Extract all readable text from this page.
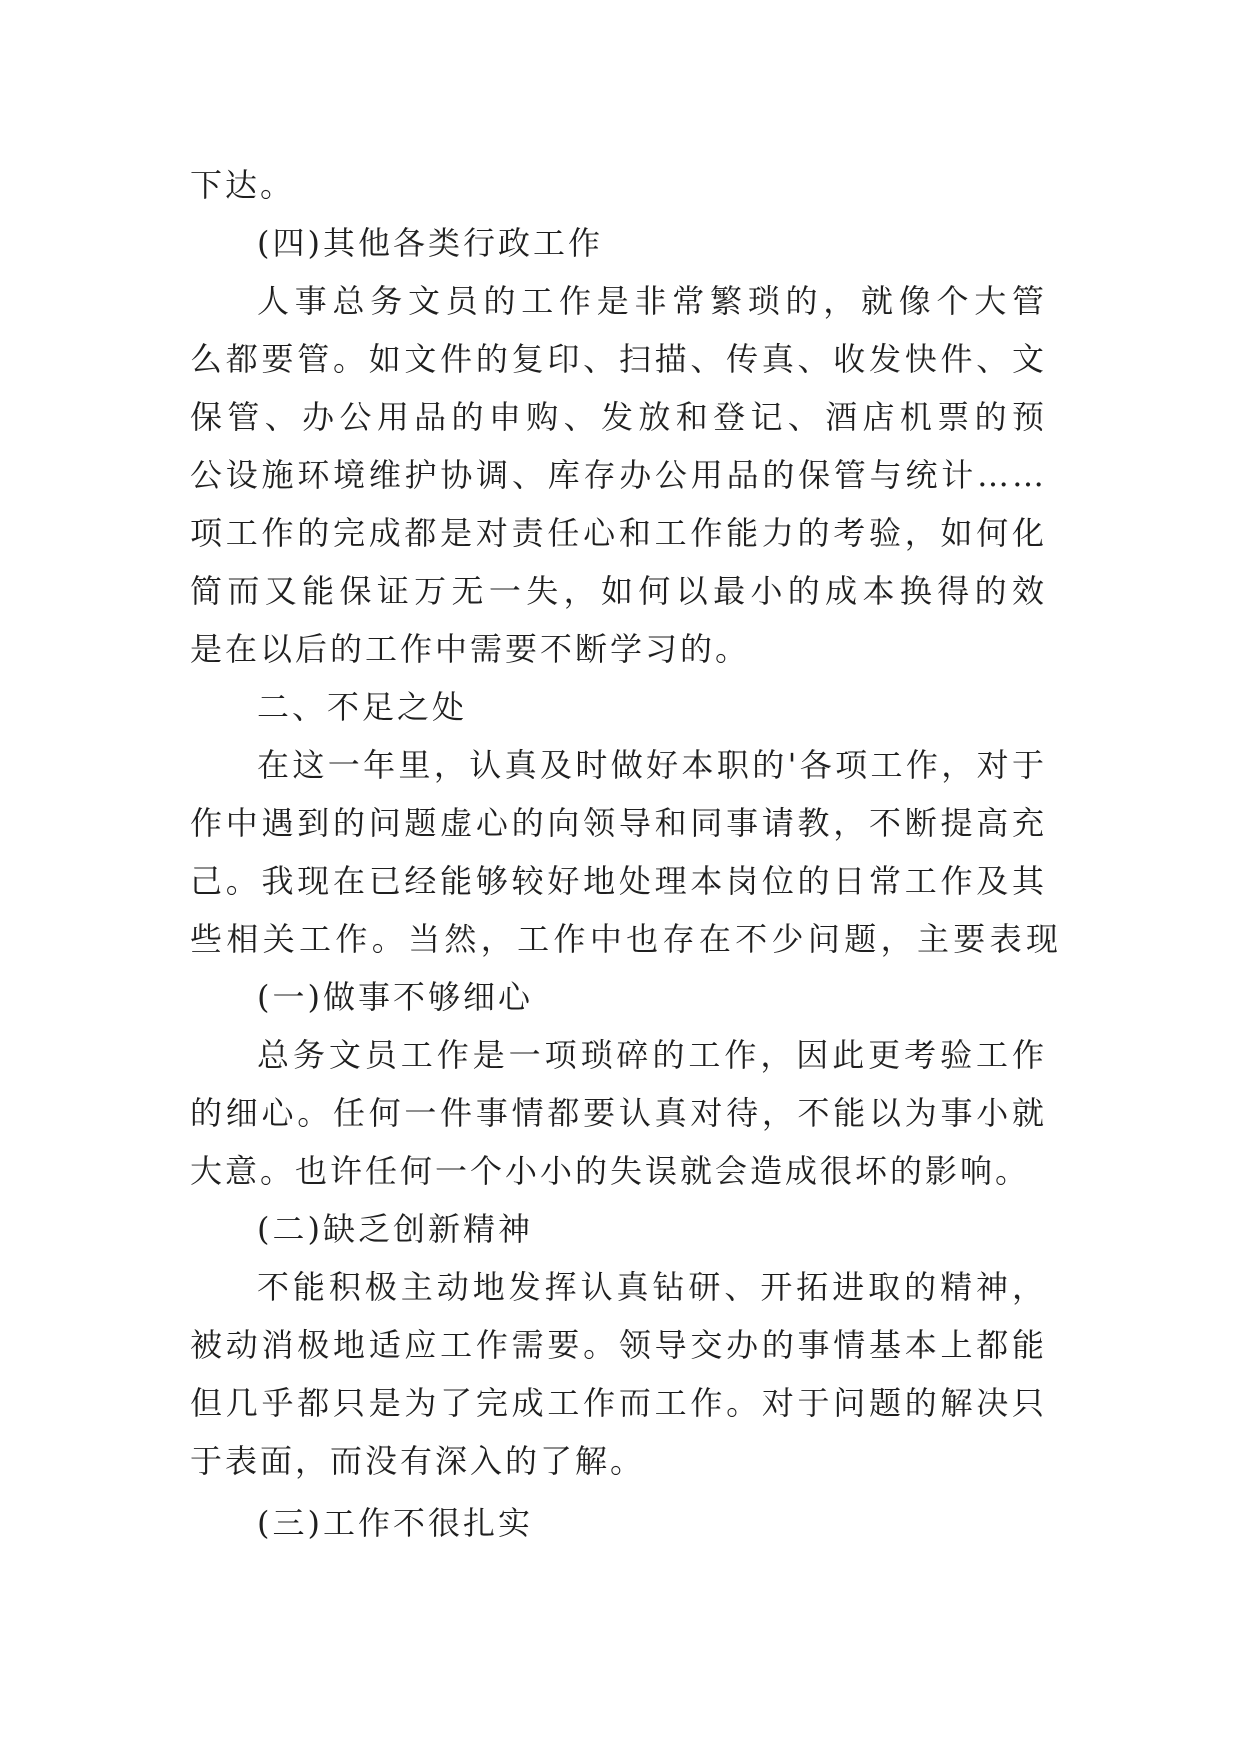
下达。

(四)其他各类行政工作

人事总务文员的工作是非常繁琐的，就像个大管

么都要管。如文件的复印、扫描、传真、收发快件、文

保管、办公用品的申购、发放和登记、酒店机票的预

公设施环境维护协调、库存办公用品的保管与统计……

项工作的完成都是对责任心和工作能力的考验，如何化

简而又能保证万无一失，如何以最小的成本换得的效

是在以后的工作中需要不断学习的。

二、不足之处

在这一年里，认真及时做好本职的'各项工作，对于

作中遇到的问题虚心的向领导和同事请教，不断提高充

己。我现在已经能够较好地处理本岗位的日常工作及其

些相关工作。当然，工作中也存在不少问题，主要表现

(一)做事不够细心

总务文员工作是一项琐碎的工作，因此更考验工作

的细心。任何一件事情都要认真对待，不能以为事小就

大意。也许任何一个小小的失误就会造成很坏的影响。

(二)缺乏创新精神

不能积极主动地发挥认真钻研、开拓进取的精神，

被动消极地适应工作需要。领导交办的事情基本上都能

但几乎都只是为了完成工作而工作。对于问题的解决只

于表面，而没有深入的了解。

(三)工作不很扎实
